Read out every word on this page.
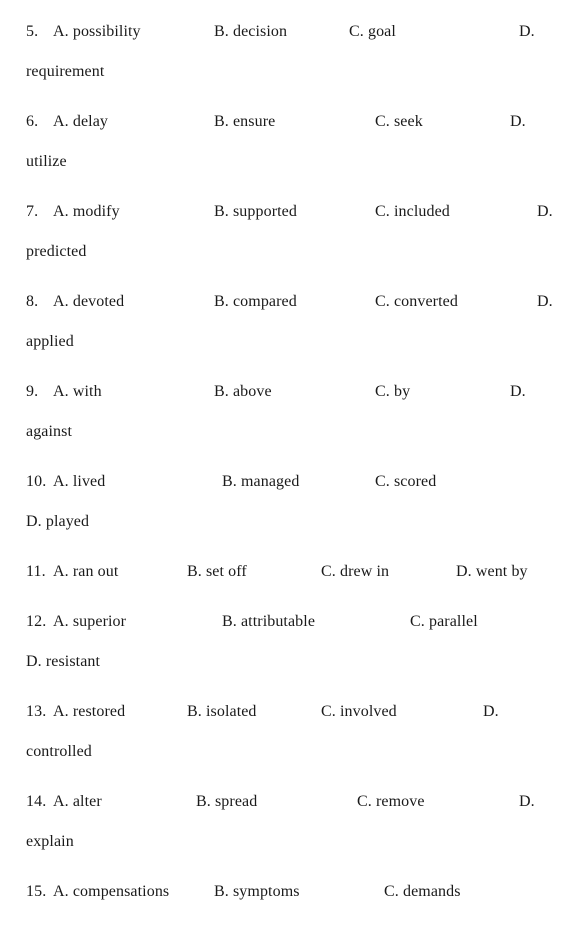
5. A. possibility	B. decision	C. goal	D.
requirement
6. A. delay	B. ensure	C. seek	D.
utilize
7. A. modify	B. supported	C. included	D.
predicted
8. A. devoted	B. compared	C. converted	D.
applied
9. A. with	B. above	C. by	D.
against
10. A. lived	B. managed	C. scored
D. played
11. A. ran out	B. set off	C. drew in	D. went by
12. A. superior	B. attributable	C. parallel
D. resistant
13. A. restored	B. isolated	C. involved	D.
controlled
14. A. alter	B. spread	C. remove	D.
explain
15. A. compensations	B. symptoms	C. demands
